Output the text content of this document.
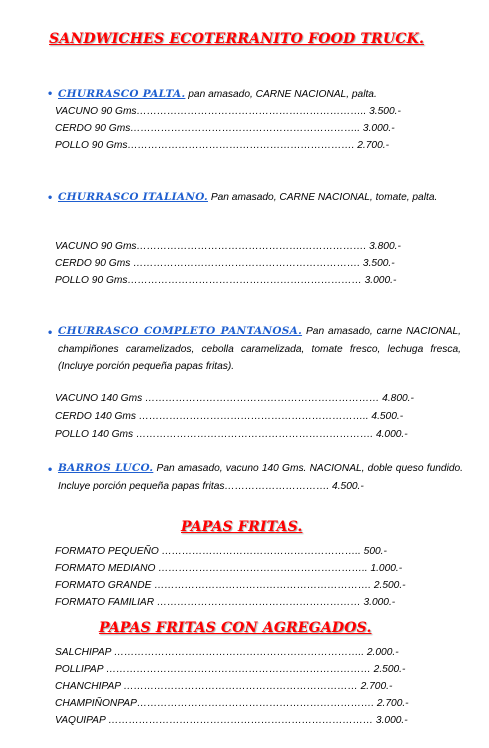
SANDWICHES ECOTERRANITO FOOD TRUCK.
• CHURRASCO PALTA. pan amasado, CARNE NACIONAL, palta.
VACUNO 90 Gms………………………………………………………….. 3.500.-
CERDO 90 Gms………………………………………………………….. 3.000.-
POLLO 90 Gms…………………………………………………………. 2.700.-
• CHURRASCO ITALIANO. Pan amasado, CARNE NACIONAL, tomate, palta.
VACUNO 90 Gms………………………………………….………………. 3.800.-
CERDO 90 Gms …………………………………………………………. 3.500.-
POLLO 90 Gms…………………………………………………………… 3.000.-
• CHURRASCO COMPLETO PANTANOSA. Pan amasado, carne NACIONAL, champiñones caramelizados, cebolla caramelizada, tomate fresco, lechuga fresca, (Incluye porción pequeña papas fritas).
VACUNO 140 Gms …………………………………………………………… 4.800.-
CERDO 140 Gms ………………………………………………………….. 4.500.-
POLLO 140 Gms ……………………………………………………………. 4.000.-
• BARROS LUCO. Pan amasado, vacuno 140 Gms. NACIONAL, doble queso fundido. Incluye porción pequeña papas fritas…………………………. 4.500.-
PAPAS FRITAS.
FORMATO PEQUEÑO ………………………………………………….. 500.-
FORMATO MEDIANO …………………………………………………….. 1.000.-
FORMATO GRANDE ………………………………………………………. 2.500.-
FORMATO FAMILIAR …………………………………………………… 3.000.-
PAPAS FRITAS CON AGREGADOS.
SALCHIPAP ……………………………………………………………….. 2.000.-
POLLIPAP …………………………………………………………………… 2.500.-
CHANCHIPAP …………………………………………………………… 2.700.-
CHAMPIÑONPAP……………………………………………………………. 2.700.-
VAQUIPAP …………………………………………………………………… 3.000.-
